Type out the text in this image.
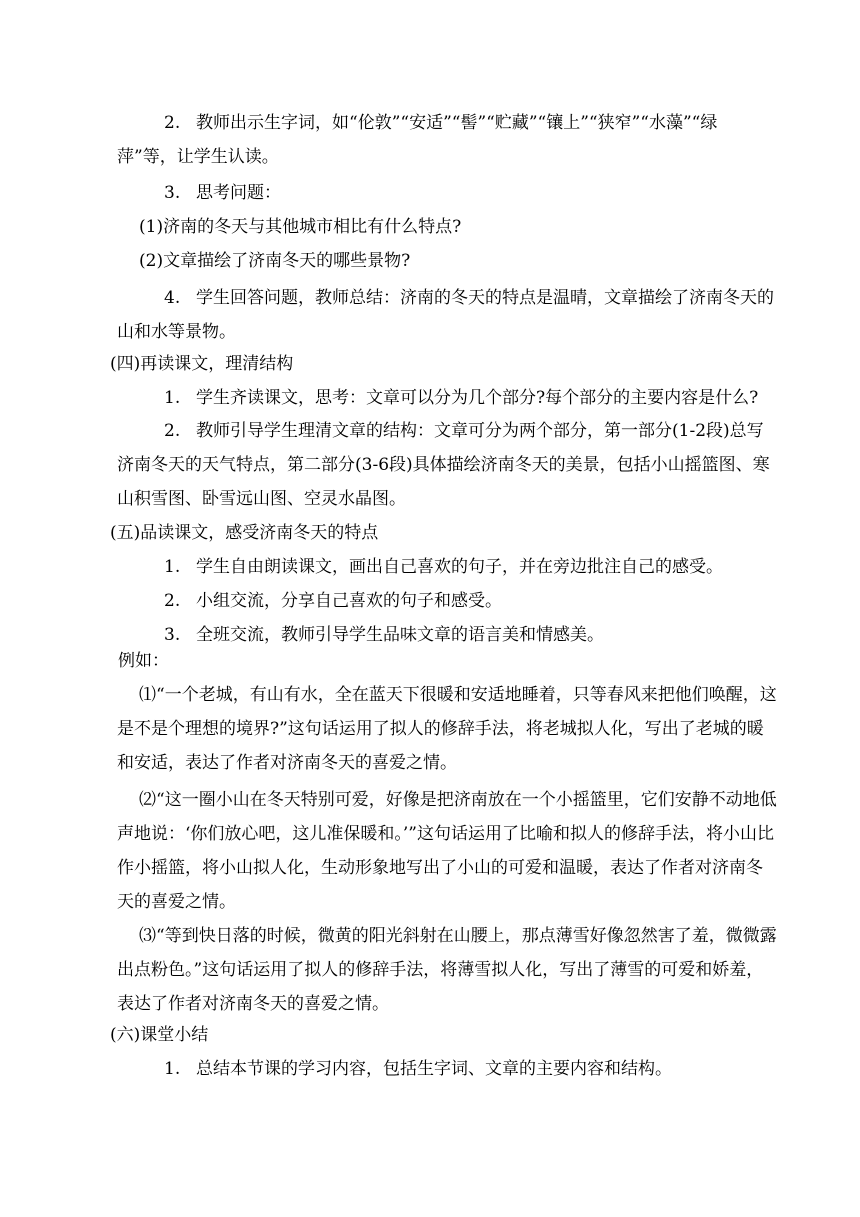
2. 教师出示生字词，如“伦敦”“安适”“髻”“贮藏”“镶上”“狭窄”“水藻”“绿萍”等，让学生认读。

3. 思考问题：

(1)济南的冬天与其他城市相比有什么特点?

(2)文章描绘了济南冬天的哪些景物?

4. 学生回答问题，教师总结：济南的冬天的特点是温晴，文章描绘了济南冬天的山和水等景物。

(四)再读课文，理清结构

1. 学生齐读课文，思考：文章可以分为几个部分?每个部分的主要内容是什么?

2. 教师引导学生理清文章的结构：文章可分为两个部分，第一部分(1-2段)总写济南冬天的天气特点，第二部分(3-6段)具体描绘济南冬天的美景，包括小山摇篮图、寒山积雪图、卧雪远山图、空灵水晶图。

(五)品读课文，感受济南冬天的特点

1. 学生自由朗读课文，画出自己喜欢的句子，并在旁边批注自己的感受。

2. 小组交流，分享自己喜欢的句子和感受。

3. 全班交流，教师引导学生品味文章的语言美和情感美。

例如：

⑴“一个老城，有山有水，全在蓝天下很暖和安适地睡着，只等春风来把他们唤醒，这是不是个理想的境界?”这句话运用了拟人的修辞手法，将老城拟人化，写出了老城的暖和安适，表达了作者对济南冬天的喜爱之情。

⑵“这一圈小山在冬天特别可爱，好像是把济南放在一个小摇篮里，它们安静不动地低声地说：‘你们放心吧，这儿准保暖和。’”这句话运用了比喻和拟人的修辞手法，将小山比作小摇篮，将小山拟人化，生动形象地写出了小山的可爱和温暖，表达了作者对济南冬天的喜爱之情。

⑶“等到快日落的时候，微黄的阳光斜射在山腰上，那点薄雪好像忽然害了羞，微微露出点粉色。”这句话运用了拟人的修辞手法，将薄雪拟人化，写出了薄雪的可爱和娇羞，表达了作者对济南冬天的喜爱之情。

(六)课堂小结

1. 总结本节课的学习内容，包括生字词、文章的主要内容和结构。
